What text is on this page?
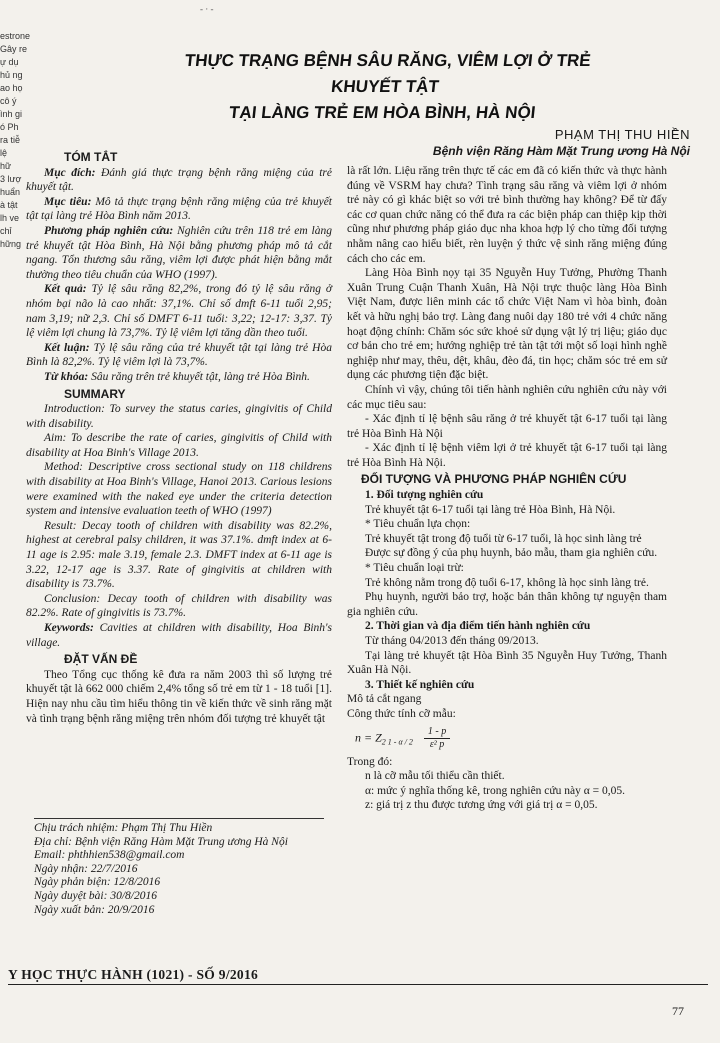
- · -
estrone
Gây re
ự dụ
hủ ng
ao họ
cô ý
ình gi
ó Ph
ra tiễ
lệ
hữ
3 lượ
huẩn
à tật
lh ve
chỉ
hững
THỰC TRẠNG BỆNH SÂU RĂNG, VIÊM LỢI Ở TRẺ KHUYẾT TẬT
TẠI LÀNG TRẺ EM HÒA BÌNH, HÀ NỘI
PHẠM THỊ THU HIỀN
Bệnh viện Răng Hàm Mặt Trung ương Hà Nội
TÓM TẮT

Mục đích: Đánh giá thực trạng bệnh răng miệng của trẻ khuyết tật.

Mục tiêu: Mô tả thực trạng bệnh răng miệng của trẻ khuyết tật tại làng trẻ Hòa Bình năm 2013.

Phương pháp nghiên cứu: Nghiên cứu trên 118 trẻ em làng trẻ khuyết tật Hòa Bình, Hà Nội bằng phương pháp mô tả cắt ngang. Tổn thương sâu răng, viêm lợi được phát hiện bằng mắt thường theo tiêu chuẩn của WHO (1997).

Kết quả: Tỷ lệ sâu răng 82,2%, trong đó tỷ lệ sâu răng ở nhóm bại não là cao nhất: 37,1%. Chỉ số dmft 6-11 tuổi 2,95; nam 3,19; nữ 2,3. Chỉ số DMFT 6-11 tuổi: 3,22; 12-17: 3,37. Tỷ lệ viêm lợi chung là 73,7%. Tỷ lệ viêm lợi tăng dần theo tuổi.

Kết luận: Tỷ lệ sâu răng của trẻ khuyết tật tại làng trẻ Hòa Bình là 82,2%. Tỷ lệ viêm lợi là 73,7%.

Từ khóa: Sâu răng trên trẻ khuyết tật, làng trẻ Hòa Bình.

SUMMARY

Introduction: To survey the status caries, gingivitis of Child with disability.

Aim: To describe the rate of caries, gingivitis of Child with disability at Hoa Binh's Village 2013.

Method: Descriptive cross sectional study on 118 childrens with disability at Hoa Binh's Village, Hanoi 2013. Carious lesions were examined with the naked eye under the criteria detection system and intensive evaluation teeth of WHO (1997)

Result: Decay tooth of children with disability was 82.2%, highest at cerebral palsy children, it was 37.1%. dmft index at 6-11 age is 2.95: male 3.19, female 2.3. DMFT index at 6-11 age is 3.22, 12-17 age is 3.37. Rate of gingivitis at children with disability is 73.7%.

Conclusion: Decay tooth of children with disability was 82.2%. Rate of gingivitis is 73.7%.

Keywords: Cavities at children with disability, Hoa Binh's village.

ĐẶT VẤN ĐỀ

Theo Tổng cục thống kê đưa ra năm 2003 thì số lượng trẻ khuyết tật là 662 000 chiếm 2,4% tổng số trẻ em từ 1 - 18 tuổi [1]. Hiện nay nhu cầu tìm hiểu thông tin về kiến thức về sinh răng mặt và tình trạng bệnh răng miệng trên nhóm đối tượng trẻ khuyết tật

là rất lớn. Liệu răng trên thực tế các em đã có kiến thức và thực hành đúng về VSRM hay chưa? Tình trạng sâu răng và viêm lợi ở nhóm trẻ này có gì khác biệt so với trẻ bình thường hay không? Để từ đấy các cơ quan chức năng có thể đưa ra các biện pháp can thiệp kịp thời cũng như phương pháp giáo dục nha khoa hợp lý cho từng đối tượng nhằm nâng cao hiểu biết, rèn luyện ý thức vệ sinh răng miệng đúng cách cho các em.

Làng Hòa Bình nọy tại 35 Nguyễn Huy Tưởng, Phường Thanh Xuân Trung Cuận Thanh Xuân, Hà Nội trực thuộc làng Hòa Bình Việt Nam, được liên minh các tổ chức Việt Nam vì hòa bình, đoàn kết và hữu nghị bảo trợ. Làng đang nuôi dạy 180 trẻ với 4 chức năng hoạt động chính: Chăm sóc sức khoẻ sử dụng vật lý trị liệu; giáo dục cơ bản cho trẻ em; hướng nghiệp trẻ tàn tật tới một số loại hình nghề nghiệp như may, thêu, dệt, khâu, đèo đá, tin học; chăm sóc trẻ em sử dụng các phương tiện đặc biệt.

Chính vì vậy, chúng tôi tiến hành nghiên cứu nghiên cứu này với các mục tiêu sau:

- Xác định tỉ lệ bệnh sâu răng ở trẻ khuyết tật 6-17 tuổi tại làng trẻ Hòa Bình Hà Nội

- Xác định tỉ lệ bệnh viêm lợi ở trẻ khuyết tật 6-17 tuổi tại làng trẻ Hòa Bình Hà Nội.

ĐỐI TƯỢNG VÀ PHƯƠNG PHÁP NGHIÊN CỨU

1. Đối tượng nghiên cứu

Trẻ khuyết tật 6-17 tuổi tại làng trẻ Hòa Bình, Hà Nội.

* Tiêu chuẩn lựa chọn:

Trẻ khuyết tật trong độ tuổi từ 6-17 tuổi, là học sinh làng trẻ

Được sự đồng ý của phụ huynh, bảo mẫu, tham gia nghiên cứu.

* Tiêu chuẩn loại trừ:

Trẻ không nằm trong độ tuổi 6-17, không là học sinh làng trẻ.

Phụ huynh, người bảo trợ, hoặc bản thân không tự nguyện tham gia nghiên cứu.

2. Thời gian và địa điểm tiến hành nghiên cứu

Từ tháng 04/2013 đến tháng 09/2013.

Tại làng trẻ khuyết tật Hòa Bình 35 Nguyễn Huy Tưởng, Thanh Xuân Hà Nội.

3. Thiết kế nghiên cứu

Mô tả cắt ngang

Công thức tính cỡ mẫu:

$n = Z_{2 1 - \alpha / 2} \frac{1 - p}{\text{ε² p}}$

Trong đó:

n là cỡ mẫu tối thiểu cần thiết.

α: mức ý nghĩa thống kê, trong nghiên cứu này α = 0,05.

z: giá trị z thu được tương ứng với giá trị α = 0,05.

Chịu trách nhiệm: Phạm Thị Thu Hiền
Địa chỉ: Bệnh viện Răng Hàm Mặt Trung ương Hà Nội
Email: phthhien538@gmail.com
Ngày nhận: 22/7/2016
Ngày phản biện: 12/8/2016
Ngày duyệt bài: 30/8/2016
Ngày xuất bản: 20/9/2016
Y HỌC THỰC HÀNH (1021) - SỐ 9/2016
77
